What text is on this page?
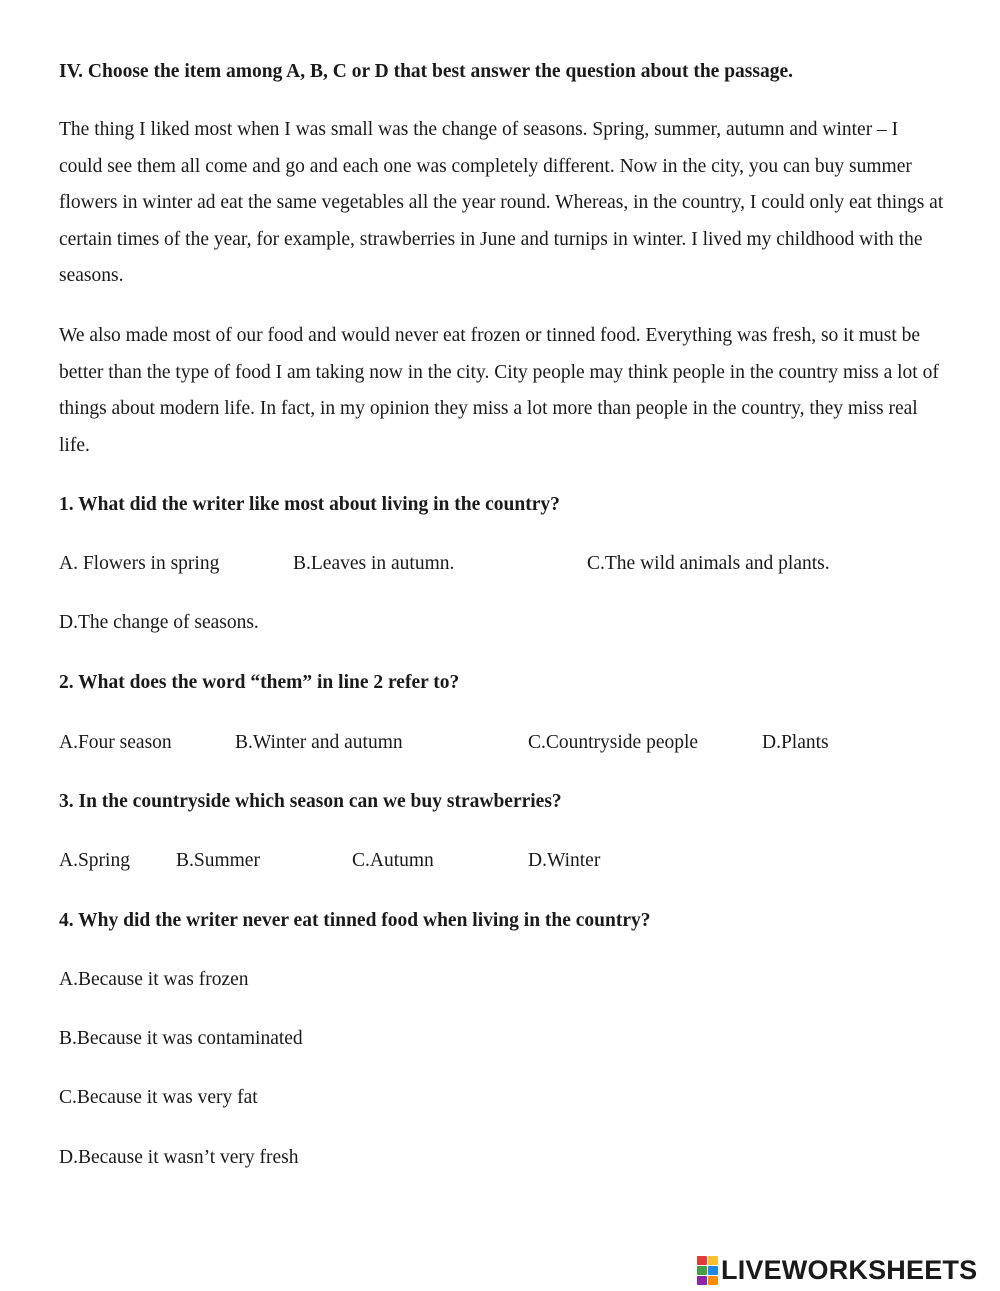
IV. Choose the item among A, B, C or D that best answer the question about the passage.

The thing I liked most when I was small was the change of seasons. Spring, summer, autumn and winter – I could see them all come and go and each one was completely different. Now in the city, you can buy summer flowers in winter ad eat the same vegetables all the year round. Whereas, in the country, I could only eat things at certain times of the year, for example, strawberries in June and turnips in winter. I lived my childhood with the seasons.

We also made most of our food and would never eat frozen or tinned food. Everything was fresh, so it must be better than the type of food I am taking now in the city. City people may think people in the country miss a lot of things about modern life. In fact, in my opinion they miss a lot more than people in the country, they miss real life.

1. What did the writer like most about living in the country?

A. Flowers in spring	B.Leaves in autumn.	C.The wild animals and plants.
D.The change of seasons.

2. What does the word “them” in line 2 refer to?

A.Four season	B.Winter and autumn	C.Countryside people	D.Plants

3. In the countryside which season can we buy strawberries?

A.Spring B.Summer	C.Autumn	D.Winter

4. Why did the writer never eat tinned food when living in the country?

A.Because it was frozen
B.Because it was contaminated
C.Because it was very fat
D.Because it wasn’t very fresh
LIVEWORKSHEETS
